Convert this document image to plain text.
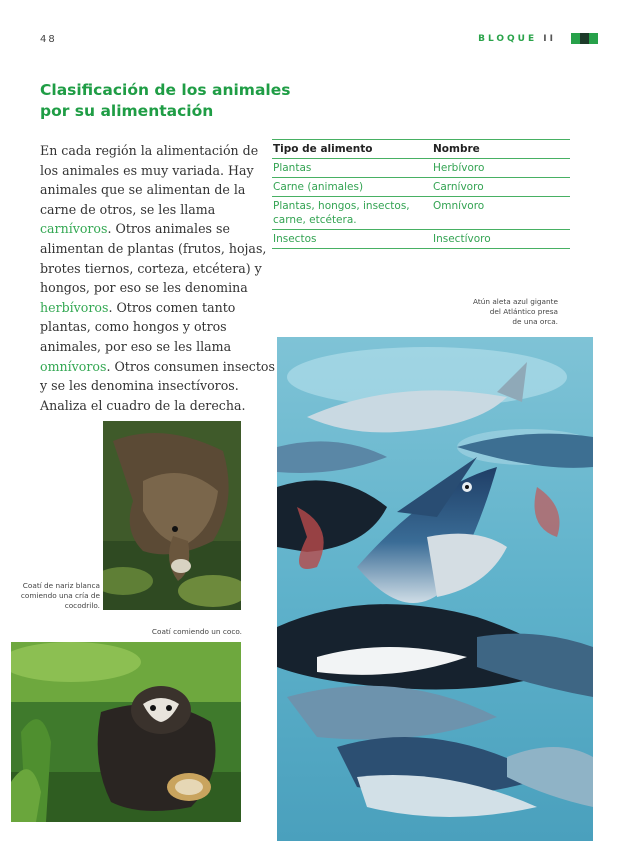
48	BLOQUE II
Clasificación de los animales
por su alimentación

En cada región la alimentación de los animales es muy variada. Hay animales que se alimentan de la carne de otros, se les llama carnívoros. Otros animales se alimentan de plantas (frutos, hojas, brotes tiernos, corteza, etcétera) y hongos, por eso se les denomina herbívoros. Otros comen tanto plantas, como hongos y otros animales, por eso se les llama omnívoros. Otros consumen insectos y se les denomina insectívoros. Analiza el cuadro de la derecha.

Tipo de alimento	Nombre
Plantas	Herbívoro
Carne (animales)	Carnívoro
Plantas, hongos, insectos, carne, etcétera.	Omnívoro
Insectos	Insectívoro

Atún aleta azul gigante
del Atlántico presa
de una orca.

Coatí de nariz blanca
comiendo una cría de
cocodrilo.

Coatí comiendo un coco.
